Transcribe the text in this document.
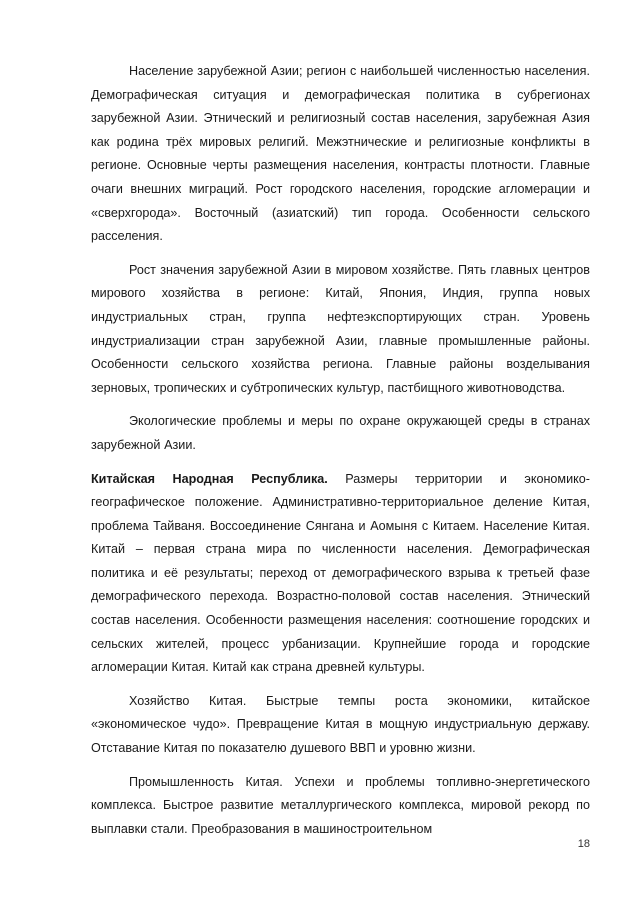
Население зарубежной Азии; регион с наибольшей численностью населения. Демографическая ситуация и демографическая политика в субрегионах зарубежной Азии. Этнический и религиозный состав населения, зарубежная Азия как родина трёх мировых религий. Межэтнические и религиозные конфликты в регионе. Основные черты размещения населения, контрасты плотности. Главные очаги внешних миграций. Рост городского населения, городские агломерации и «сверхгорода». Восточный (азиатский) тип города. Особенности сельского расселения.

Рост значения зарубежной Азии в мировом хозяйстве. Пять главных центров мирового хозяйства в регионе: Китай, Япония, Индия, группа новых индустриальных стран, группа нефтеэкспортирующих стран. Уровень индустриализации стран зарубежной Азии, главные промышленные районы. Особенности сельского хозяйства региона. Главные районы возделывания зерновых, тропических и субтропических культур, пастбищного животноводства.

Экологические проблемы и меры по охране окружающей среды в странах зарубежной Азии.

Китайская Народная Республика. Размеры территории и экономико-географическое положение. Административно-территориальное деление Китая, проблема Тайваня. Воссоединение Сянгана и Аомыня с Китаем. Население Китая. Китай – первая страна мира по численности населения. Демографическая политика и её результаты; переход от демографического взрыва к третьей фазе демографического перехода. Возрастно-половой состав населения. Этнический состав населения. Особенности размещения населения: соотношение городских и сельских жителей, процесс урбанизации. Крупнейшие города и городские агломерации Китая. Китай как страна древней культуры.

Хозяйство Китая. Быстрые темпы роста экономики, китайское «экономическое чудо». Превращение Китая в мощную индустриальную державу. Отставание Китая по показателю душевого ВВП и уровню жизни.

Промышленность Китая. Успехи и проблемы топливно-энергетического комплекса. Быстрое развитие металлургического комплекса, мировой рекорд по выплавки стали. Преобразования в машиностроительном

18
